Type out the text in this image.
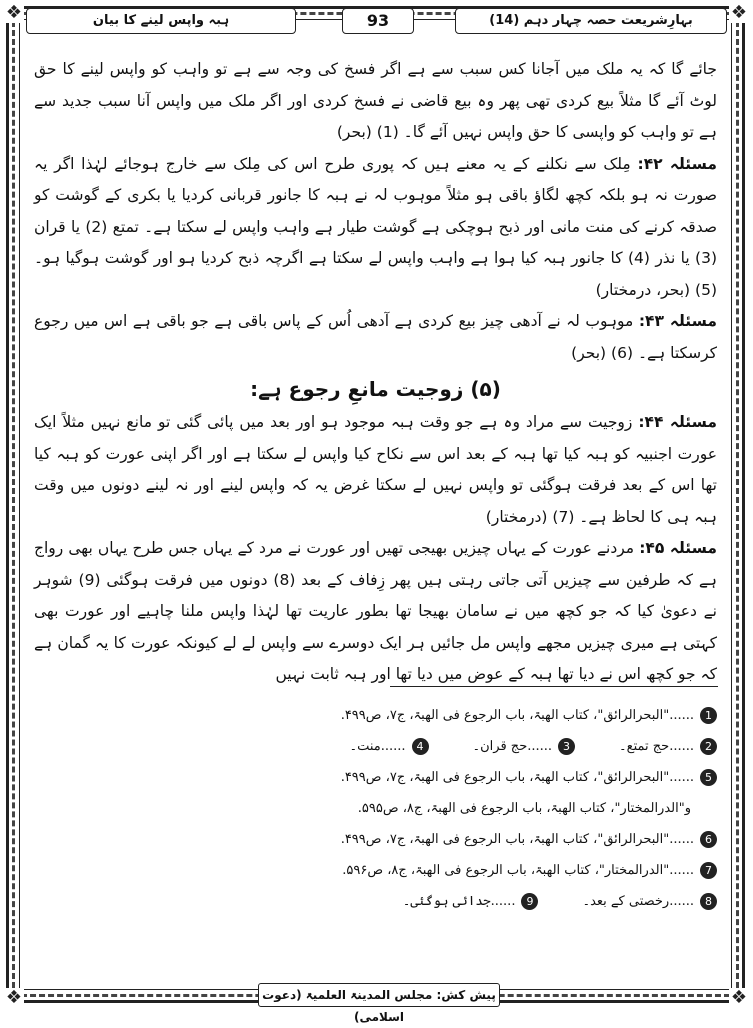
❖	❖
❖	❖
بہارِشریعت حصہ چہار دہم (14)
93
ہبہ واپس لینے کا بیان

جائے گا کہ یہ ملک میں آجانا کس سبب سے ہے اگر فسخ کی وجہ سے ہے تو واہب کو واپس لینے کا حق لوٹ آئے گا مثلاً بیع کردی تھی پھر وہ بیع قاضی نے فسخ کردی اور اگر ملک میں واپس آنا سبب جدید سے ہے تو واہب کو واپسی کا حق واپس نہیں آئے گا۔ (1) (بحر)

مسئلہ ۴۲: مِلک سے نکلنے کے یہ معنے ہیں کہ پوری طرح اس کی مِلک سے خارج ہوجائے لہٰذا اگر یہ صورت نہ ہو بلکہ کچھ لگاؤ باقی ہو مثلاً موہوب لہ نے ہبہ کا جانور قربانی کردیا یا بکری کے گوشت کو صدقہ کرنے کی منت مانی اور ذبح ہوچکی ہے گوشت طیار ہے واہب واپس لے سکتا ہے۔ تمتع (2) یا قران (3) یا نذر (4) کا جانور ہبہ کیا ہوا ہے واہب واپس لے سکتا ہے اگرچہ ذبح کردیا ہو اور گوشت ہوگیا ہو۔ (5) (بحر، درمختار)

مسئلہ ۴۳: موہوب لہ نے آدھی چیز بیع کردی ہے آدھی اُس کے پاس باقی ہے جو باقی ہے اس میں رجوع کرسکتا ہے۔ (6) (بحر)

(۵) زوجیت مانعِ رجوع ہے:

مسئلہ ۴۴: زوجیت سے مراد وہ ہے جو وقت ہبہ موجود ہو اور بعد میں پائی گئی تو مانع نہیں مثلاً ایک عورت اجنبیہ کو ہبہ کیا تھا ہبہ کے بعد اس سے نکاح کیا واپس لے سکتا ہے اور اگر اپنی عورت کو ہبہ کیا تھا اس کے بعد فرقت ہوگئی تو واپس نہیں لے سکتا غرض یہ کہ واپس لینے اور نہ لینے دونوں میں وقت ہبہ ہی کا لحاظ ہے۔ (7) (درمختار)

مسئلہ ۴۵: مردنے عورت کے یہاں چیزیں بھیجی تھیں اور عورت نے مرد کے یہاں جس طرح یہاں بھی رواج ہے کہ طرفین سے چیزیں آتی جاتی رہتی ہیں پھر زِفاف کے بعد (8) دونوں میں فرقت ہوگئی (9) شوہر نے دعویٰ کیا کہ جو کچھ میں نے سامان بھیجا تھا بطور عاریت تھا لہٰذا واپس ملنا چاہیے اور عورت بھی کہتی ہے میری چیزیں مجھے واپس مل جائیں ہر ایک دوسرے سے واپس لے لے کیونکہ عورت کا یہ گمان ہے کہ جو کچھ اس نے دیا تھا ہبہ کے عوض میں دیا تھا اور ہبہ ثابت نہیں

1
......"البحرالرائق"، کتاب الھبۃ، باب الرجوع فی الھبۃ، ج۷، ص۴۹۹.
2
......حج تمتع۔
3
......حج قران۔
4
......منت۔
5
......"البحرالرائق"، کتاب الھبۃ، باب الرجوع فی الھبۃ، ج۷، ص۴۹۹.
و"الدرالمختار"، کتاب الھبۃ، باب الرجوع فی الھبۃ، ج۸، ص۵۹۵.
6
......"البحرالرائق"، کتاب الھبۃ، باب الرجوع فی الھبۃ، ج۷، ص۴۹۹.
7
......"الدرالمختار"، کتاب الھبۃ، باب الرجوع فی الھبۃ، ج۸، ص۵۹۶.
8
......رخصتی کے بعد۔
9
......جدائی ہوگئی۔
پیش کش: مجلس المدینۃ العلمیۃ (دعوت اسلامی)
